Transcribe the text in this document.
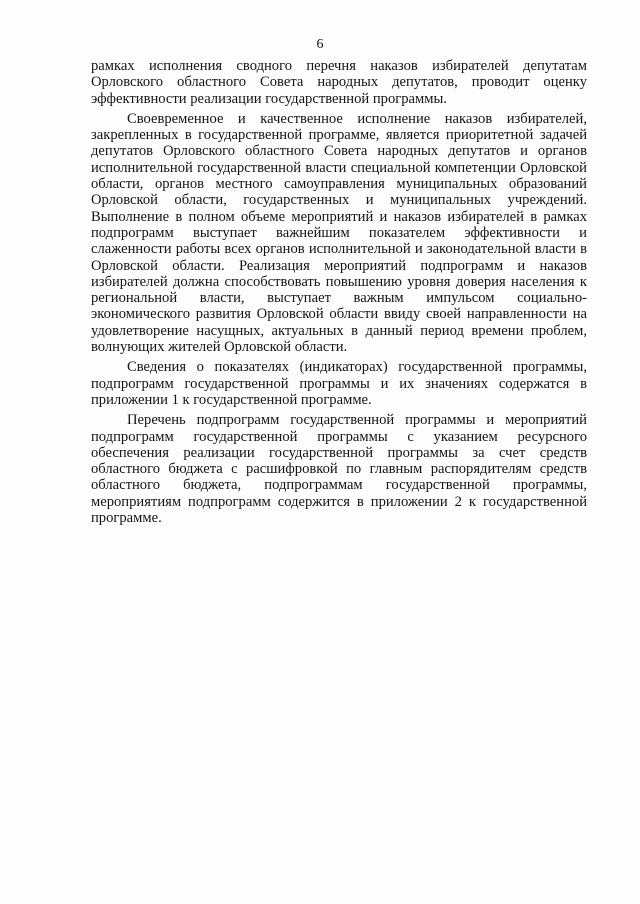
6

рамках исполнения сводного перечня наказов избирателей депутатам Орловского областного Совета народных депутатов, проводит оценку эффективности реализации государственной программы.

Своевременное и качественное исполнение наказов избирателей, закрепленных в государственной программе, является приоритетной задачей депутатов Орловского областного Совета народных депутатов и органов исполнительной государственной власти специальной компетенции Орловской области, органов местного самоуправления муниципальных образований Орловской области, государственных и муниципальных учреждений. Выполнение в полном объеме мероприятий и наказов избирателей в рамках подпрограмм выступает важнейшим показателем эффективности и слаженности работы всех органов исполнительной и законодательной власти в Орловской области. Реализация мероприятий подпрограмм и наказов избирателей должна способствовать повышению уровня доверия населения к региональной власти, выступает важным импульсом социально-экономического развития Орловской области ввиду своей направленности на удовлетворение насущных, актуальных в данный период времени проблем, волнующих жителей Орловской области.

Сведения о показателях (индикаторах) государственной программы, подпрограмм государственной программы и их значениях содержатся в приложении 1 к государственной программе.

Перечень подпрограмм государственной программы и мероприятий подпрограмм государственной программы с указанием ресурсного обеспечения реализации государственной программы за счет средств областного бюджета с расшифровкой по главным распорядителям средств областного бюджета, подпрограммам государственной программы, мероприятиям подпрограмм содержится в приложении 2 к государственной программе.
